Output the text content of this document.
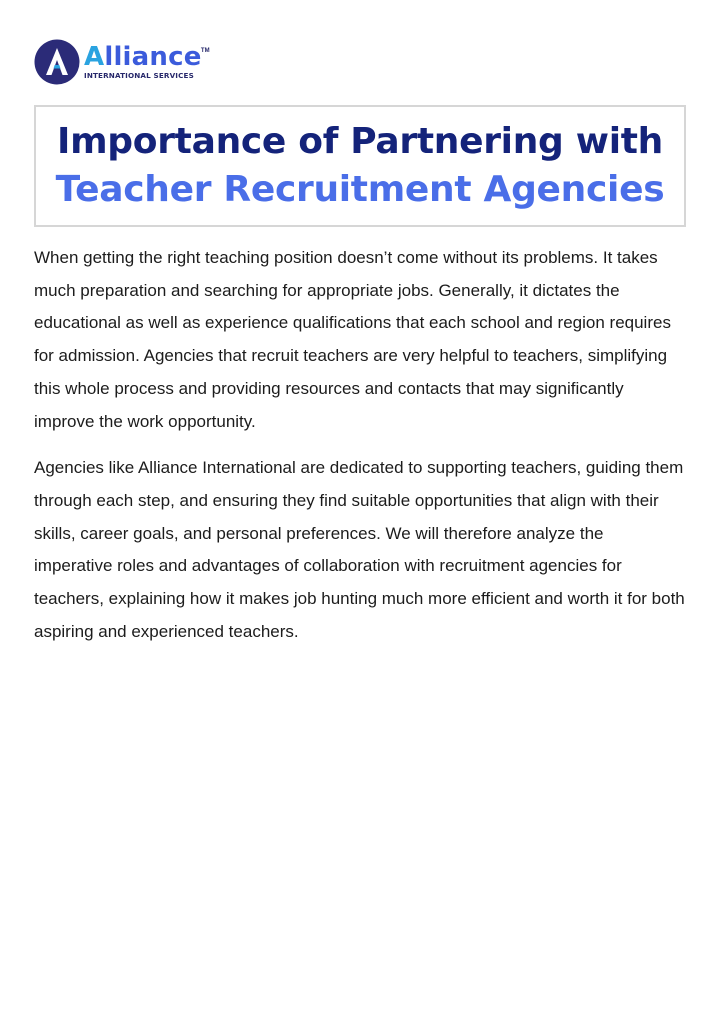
Alliance
INTERNATIONAL SERVICES
TM
Importance of Partnering with
Teacher Recruitment Agencies

When getting the right teaching position doesn’t come without its problems. It takes much preparation and searching for appropriate jobs. Generally, it dictates the educational as well as experience qualifications that each school and region requires for admission. Agencies that recruit teachers are very helpful to teachers, simplifying this whole process and providing resources and contacts that may significantly improve the work opportunity.

Agencies like Alliance International are dedicated to supporting teachers, guiding them through each step, and ensuring they find suitable opportunities that align with their skills, career goals, and personal preferences. We will therefore analyze the imperative roles and advantages of collaboration with recruitment agencies for teachers, explaining how it makes job hunting much more efficient and worth it for both aspiring and experienced teachers.
